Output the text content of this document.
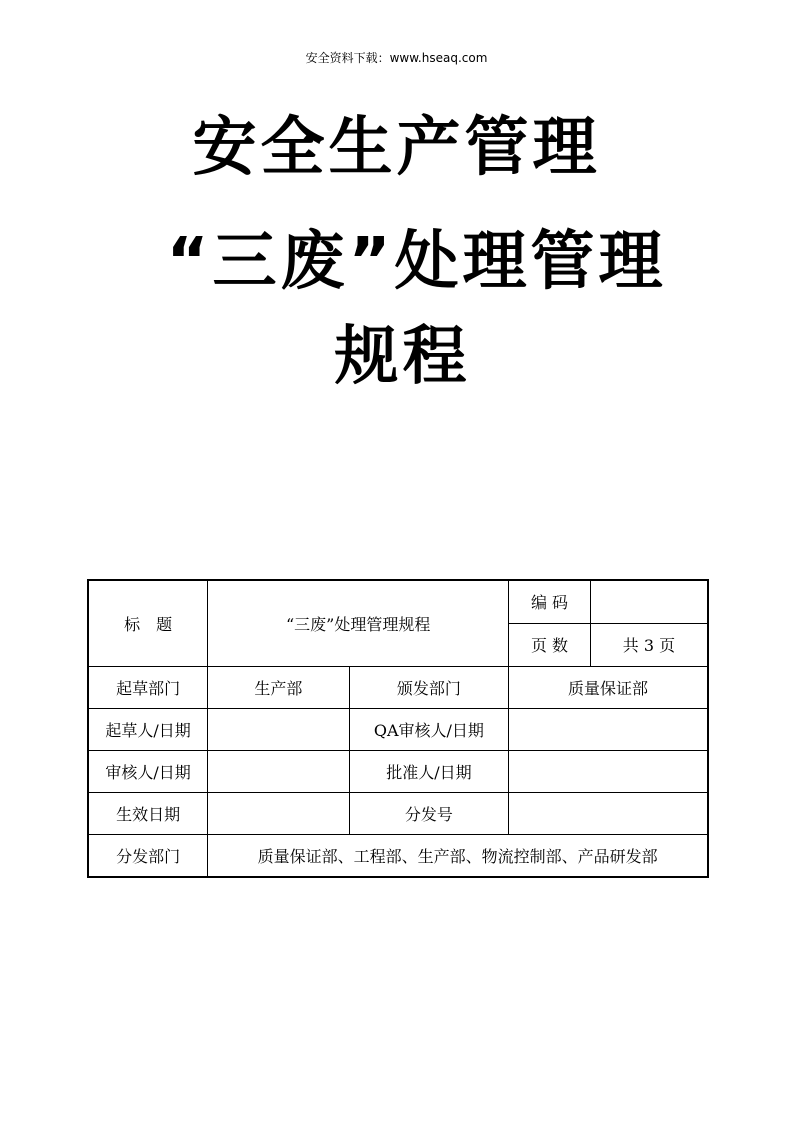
安全资料下载：www.hseaq.com
安全生产管理
“三废”处理管理
规程
标　题	“三废”处理管理规程		编 码	
			页 数	共 3 页
起草部门	生产部	颁发部门	质量保证部	
起草人/日期		QA审核人/日期		
审核人/日期		批准人/日期		
生效日期		分发号		
分发部门	质量保证部、工程部、生产部、物流控制部、产品研发部			
